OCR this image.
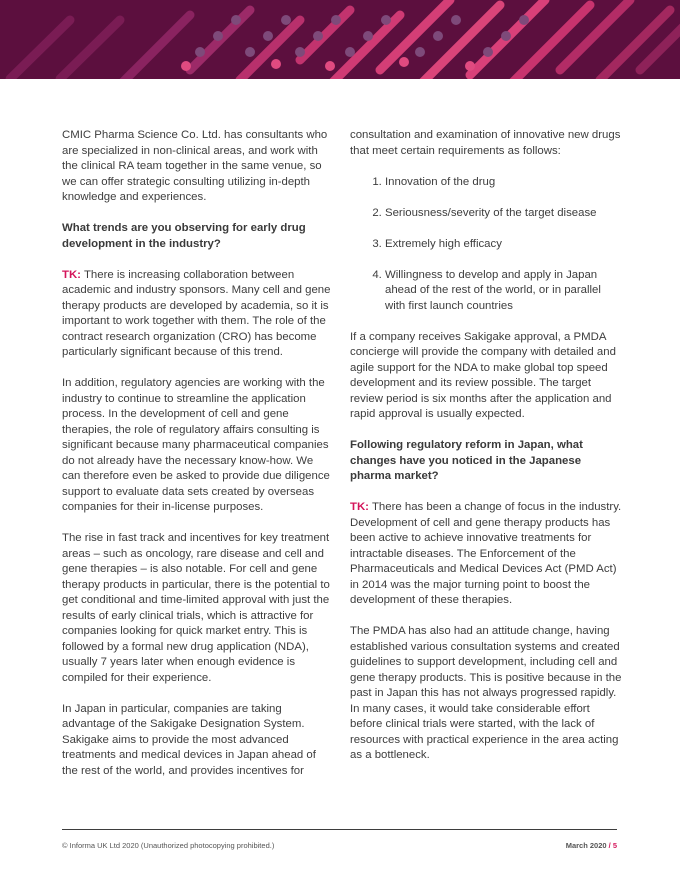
CMIC Pharma Science Co. Ltd. has consultants who are specialized in non-clinical areas, and work with the clinical RA team together in the same venue, so we can offer strategic consulting utilizing in-depth knowledge and experiences.

What trends are you observing for early drug development in the industry?

TK: There is increasing collaboration between academic and industry sponsors. Many cell and gene therapy products are developed by academia, so it is important to work together with them. The role of the contract research organization (CRO) has become particularly significant because of this trend.

In addition, regulatory agencies are working with the industry to continue to streamline the application process. In the development of cell and gene therapies, the role of regulatory affairs consulting is significant because many pharmaceutical companies do not already have the necessary know-how. We can therefore even be asked to provide due diligence support to evaluate data sets created by overseas companies for their in-license purposes.

The rise in fast track and incentives for key treatment areas – such as oncology, rare disease and cell and gene therapies – is also notable. For cell and gene therapy products in particular, there is the potential to get conditional and time-limited approval with just the results of early clinical trials, which is attractive for companies looking for quick market entry. This is followed by a formal new drug application (NDA), usually 7 years later when enough evidence is compiled for their experience.

In Japan in particular, companies are taking advantage of the Sakigake Designation System. Sakigake aims to provide the most advanced treatments and medical devices in Japan ahead of the rest of the world, and provides incentives for

consultation and examination of innovative new drugs that meet certain requirements as follows:

1. Innovation of the drug
2. Seriousness/severity of the target disease
3. Extremely high efficacy
4. Willingness to develop and apply in Japan ahead of the rest of the world, or in parallel with first launch countries

If a company receives Sakigake approval, a PMDA concierge will provide the company with detailed and agile support for the NDA to make global top speed development and its review possible. The target review period is six months after the application and rapid approval is usually expected.

Following regulatory reform in Japan, what changes have you noticed in the Japanese pharma market?

TK: There has been a change of focus in the industry. Development of cell and gene therapy products has been active to achieve innovative treatments for intractable diseases. The Enforcement of the Pharmaceuticals and Medical Devices Act (PMD Act) in 2014 was the major turning point to boost the development of these therapies.

The PMDA has also had an attitude change, having established various consultation systems and created guidelines to support development, including cell and gene therapy products. This is positive because in the past in Japan this has not always progressed rapidly. In many cases, it would take considerable effort before clinical trials were started, with the lack of resources with practical experience in the area acting as a bottleneck.

© Informa UK Ltd 2020 (Unauthorized photocopying prohibited.)	March 2020 / 5
